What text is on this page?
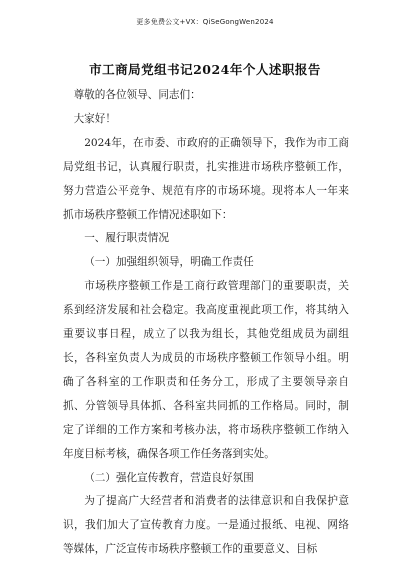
更多免费公文+VX：QiSeGongWen2024
市工商局党组书记2024年个人述职报告

尊敬的各位领导、同志们：

大家好！

2024年，在市委、市政府的正确领导下，我作为市工商局党组书记，认真履行职责，扎实推进市场秩序整顿工作，努力营造公平竞争、规范有序的市场环境。现将本人一年来抓市场秩序整顿工作情况述职如下：

一、履行职责情况

（一）加强组织领导，明确工作责任

市场秩序整顿工作是工商行政管理部门的重要职责，关系到经济发展和社会稳定。我高度重视此项工作，将其纳入重要议事日程，成立了以我为组长，其他党组成员为副组长，各科室负责人为成员的市场秩序整顿工作领导小组。明确了各科室的工作职责和任务分工，形成了主要领导亲自抓、分管领导具体抓、各科室共同抓的工作格局。同时，制定了详细的工作方案和考核办法，将市场秩序整顿工作纳入年度目标考核，确保各项工作任务落到实处。

（二）强化宣传教育，营造良好氛围

为了提高广大经营者和消费者的法律意识和自我保护意识，我们加大了宣传教育力度。一是通过报纸、电视、网络等媒体，广泛宣传市场秩序整顿工作的重要意义、目标
